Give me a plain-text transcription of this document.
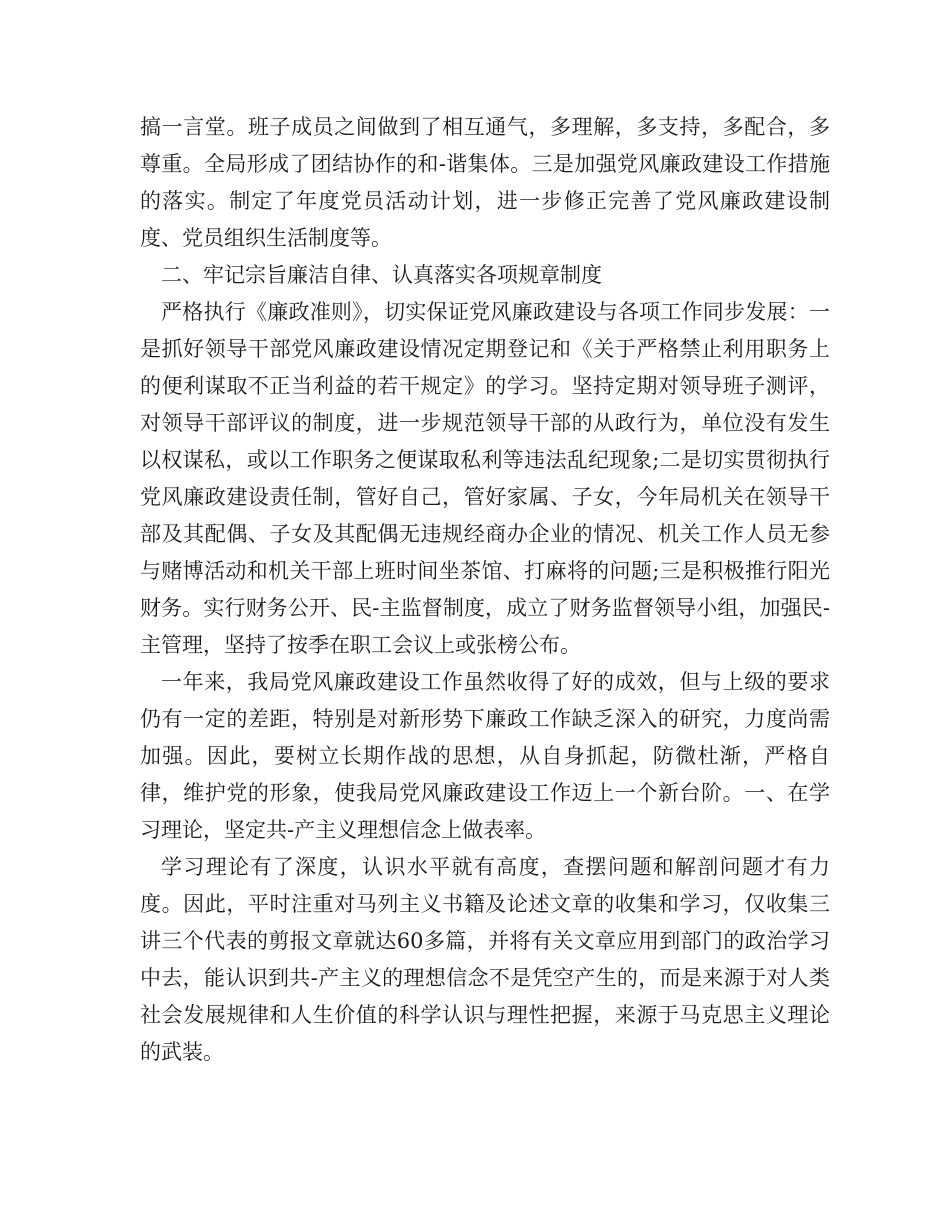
搞一言堂。班子成员之间做到了相互通气，多理解，多支持，多配合，多尊重。全局形成了团结协作的和-谐集体。三是加强党风廉政建设工作措施的落实。制定了年度党员活动计划，进一步修正完善了党风廉政建设制度、党员组织生活制度等。

二、牢记宗旨廉洁自律、认真落实各项规章制度

严格执行《廉政准则》，切实保证党风廉政建设与各项工作同步发展：一是抓好领导干部党风廉政建设情况定期登记和《关于严格禁止利用职务上的便利谋取不正当利益的若干规定》的学习。坚持定期对领导班子测评，对领导干部评议的制度，进一步规范领导干部的从政行为，单位没有发生以权谋私，或以工作职务之便谋取私利等违法乱纪现象;二是切实贯彻执行党风廉政建设责任制，管好自己，管好家属、子女，今年局机关在领导干部及其配偶、子女及其配偶无违规经商办企业的情况、机关工作人员无参与赌博活动和机关干部上班时间坐茶馆、打麻将的问题;三是积极推行阳光财务。实行财务公开、民-主监督制度，成立了财务监督领导小组，加强民-主管理，坚持了按季在职工会议上或张榜公布。

一年来，我局党风廉政建设工作虽然收得了好的成效，但与上级的要求仍有一定的差距，特别是对新形势下廉政工作缺乏深入的研究，力度尚需加强。因此，要树立长期作战的思想，从自身抓起，防微杜渐，严格自律，维护党的形象，使我局党风廉政建设工作迈上一个新台阶。一、在学习理论，坚定共-产主义理想信念上做表率。

学习理论有了深度，认识水平就有高度，查摆问题和解剖问题才有力度。因此，平时注重对马列主义书籍及论述文章的收集和学习，仅收集三讲三个代表的剪报文章就达60多篇，并将有关文章应用到部门的政治学习中去，能认识到共-产主义的理想信念不是凭空产生的，而是来源于对人类社会发展规律和人生价值的科学认识与理性把握，来源于马克思主义理论的武装。
